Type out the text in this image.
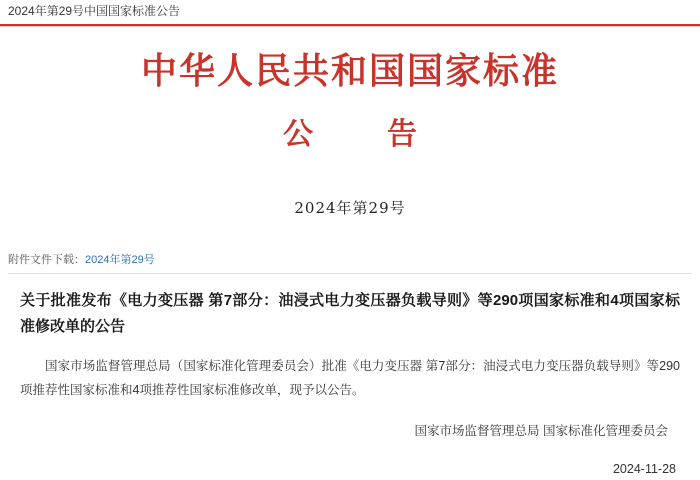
2024年第29号中国国家标准公告
中华人民共和国国家标准
公　告
2024年第29号
附件文件下载：2024年第29号
关于批准发布《电力变压器 第7部分：油浸式电力变压器负载导则》等290项国家标准和4项国家标准修改单的公告
国家市场监督管理总局（国家标准化管理委员会）批准《电力变压器 第7部分：油浸式电力变压器负载导则》等290项推荐性国家标准和4项推荐性国家标准修改单，现予以公告。
国家市场监督管理总局 国家标准化管理委员会
2024-11-28
